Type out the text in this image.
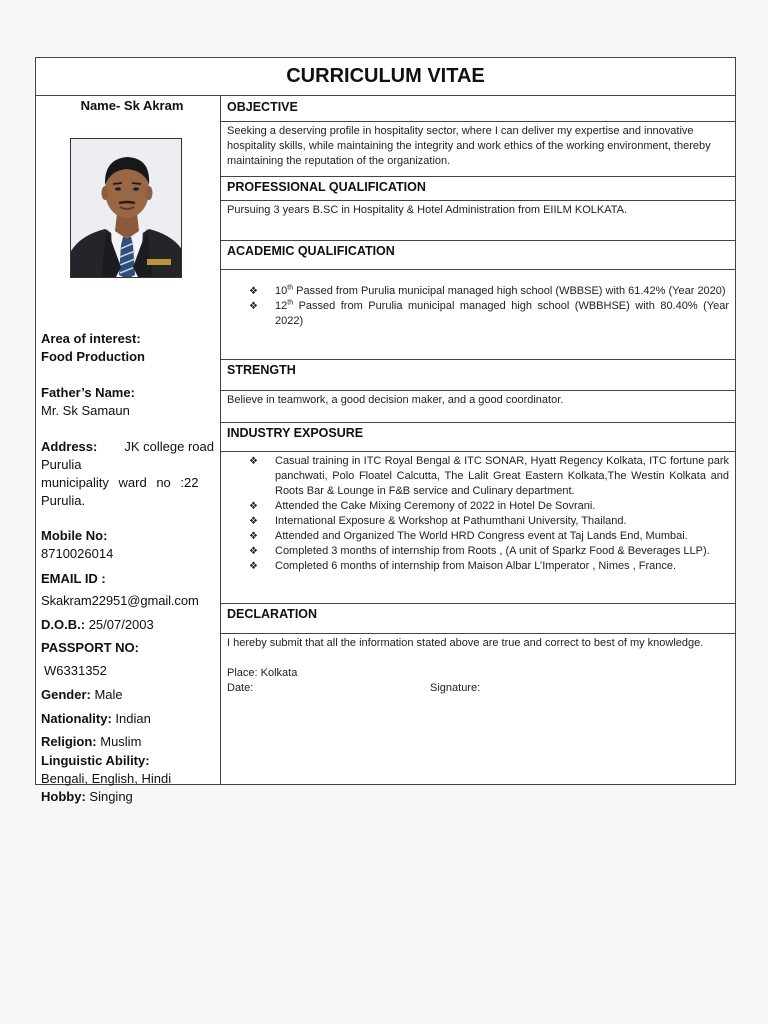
CURRICULUM VITAE
Name- Sk Akram
Area of interest:
Food Production
Father’s Name:
Mr. Sk Samaun
Address: JK college road
Purulia
municipality ward no :22
Purulia.
Mobile No:
8710026014
EMAIL ID :
Skakram22951@gmail.com
D.O.B.: 25/07/2003
PASSPORT NO:
W6331352
Gender: Male
Nationality: Indian
Religion: Muslim
Linguistic Ability:
Bengali, English, Hindi
Hobby: Singing
OBJECTIVE
Seeking a deserving profile in hospitality sector, where I can deliver my expertise and innovative hospitality skills, while maintaining the integrity and work ethics of the working environment, thereby maintaining the reputation of the organization.
PROFESSIONAL QUALIFICATION
Pursuing 3 years B.SC in Hospitality & Hotel Administration from EIILM KOLKATA.
ACADEMIC QUALIFICATION
❖ 10th Passed from Purulia municipal managed high school (WBBSE) with 61.42% (Year 2020)
❖ 12th Passed from Purulia municipal managed high school (WBBHSE) with 80.40% (Year 2022)
STRENGTH
Believe in teamwork, a good decision maker, and a good coordinator.
INDUSTRY EXPOSURE
❖ Casual training in ITC Royal Bengal & ITC SONAR, Hyatt Regency Kolkata, ITC fortune park panchwati, Polo Floatel Calcutta, The Lalit Great Eastern Kolkata,The Westin Kolkata and Roots Bar & Lounge in F&B service and Culinary department.
❖ Attended the Cake Mixing Ceremony of 2022 in Hotel De Sovrani.
❖ International Exposure & Workshop at Pathumthani University, Thailand.
❖ Attended and Organized The World HRD Congress event at Taj Lands End, Mumbai.
❖ Completed 3 months of internship from Roots , (A unit of Sparkz Food & Beverages LLP).
❖ Completed 6 months of internship from Maison Albar L’Imperator , Nimes , France.
DECLARATION
I hereby submit that all the information stated above are true and correct to best of my knowledge.
Place: Kolkata
Date:	Signature:
